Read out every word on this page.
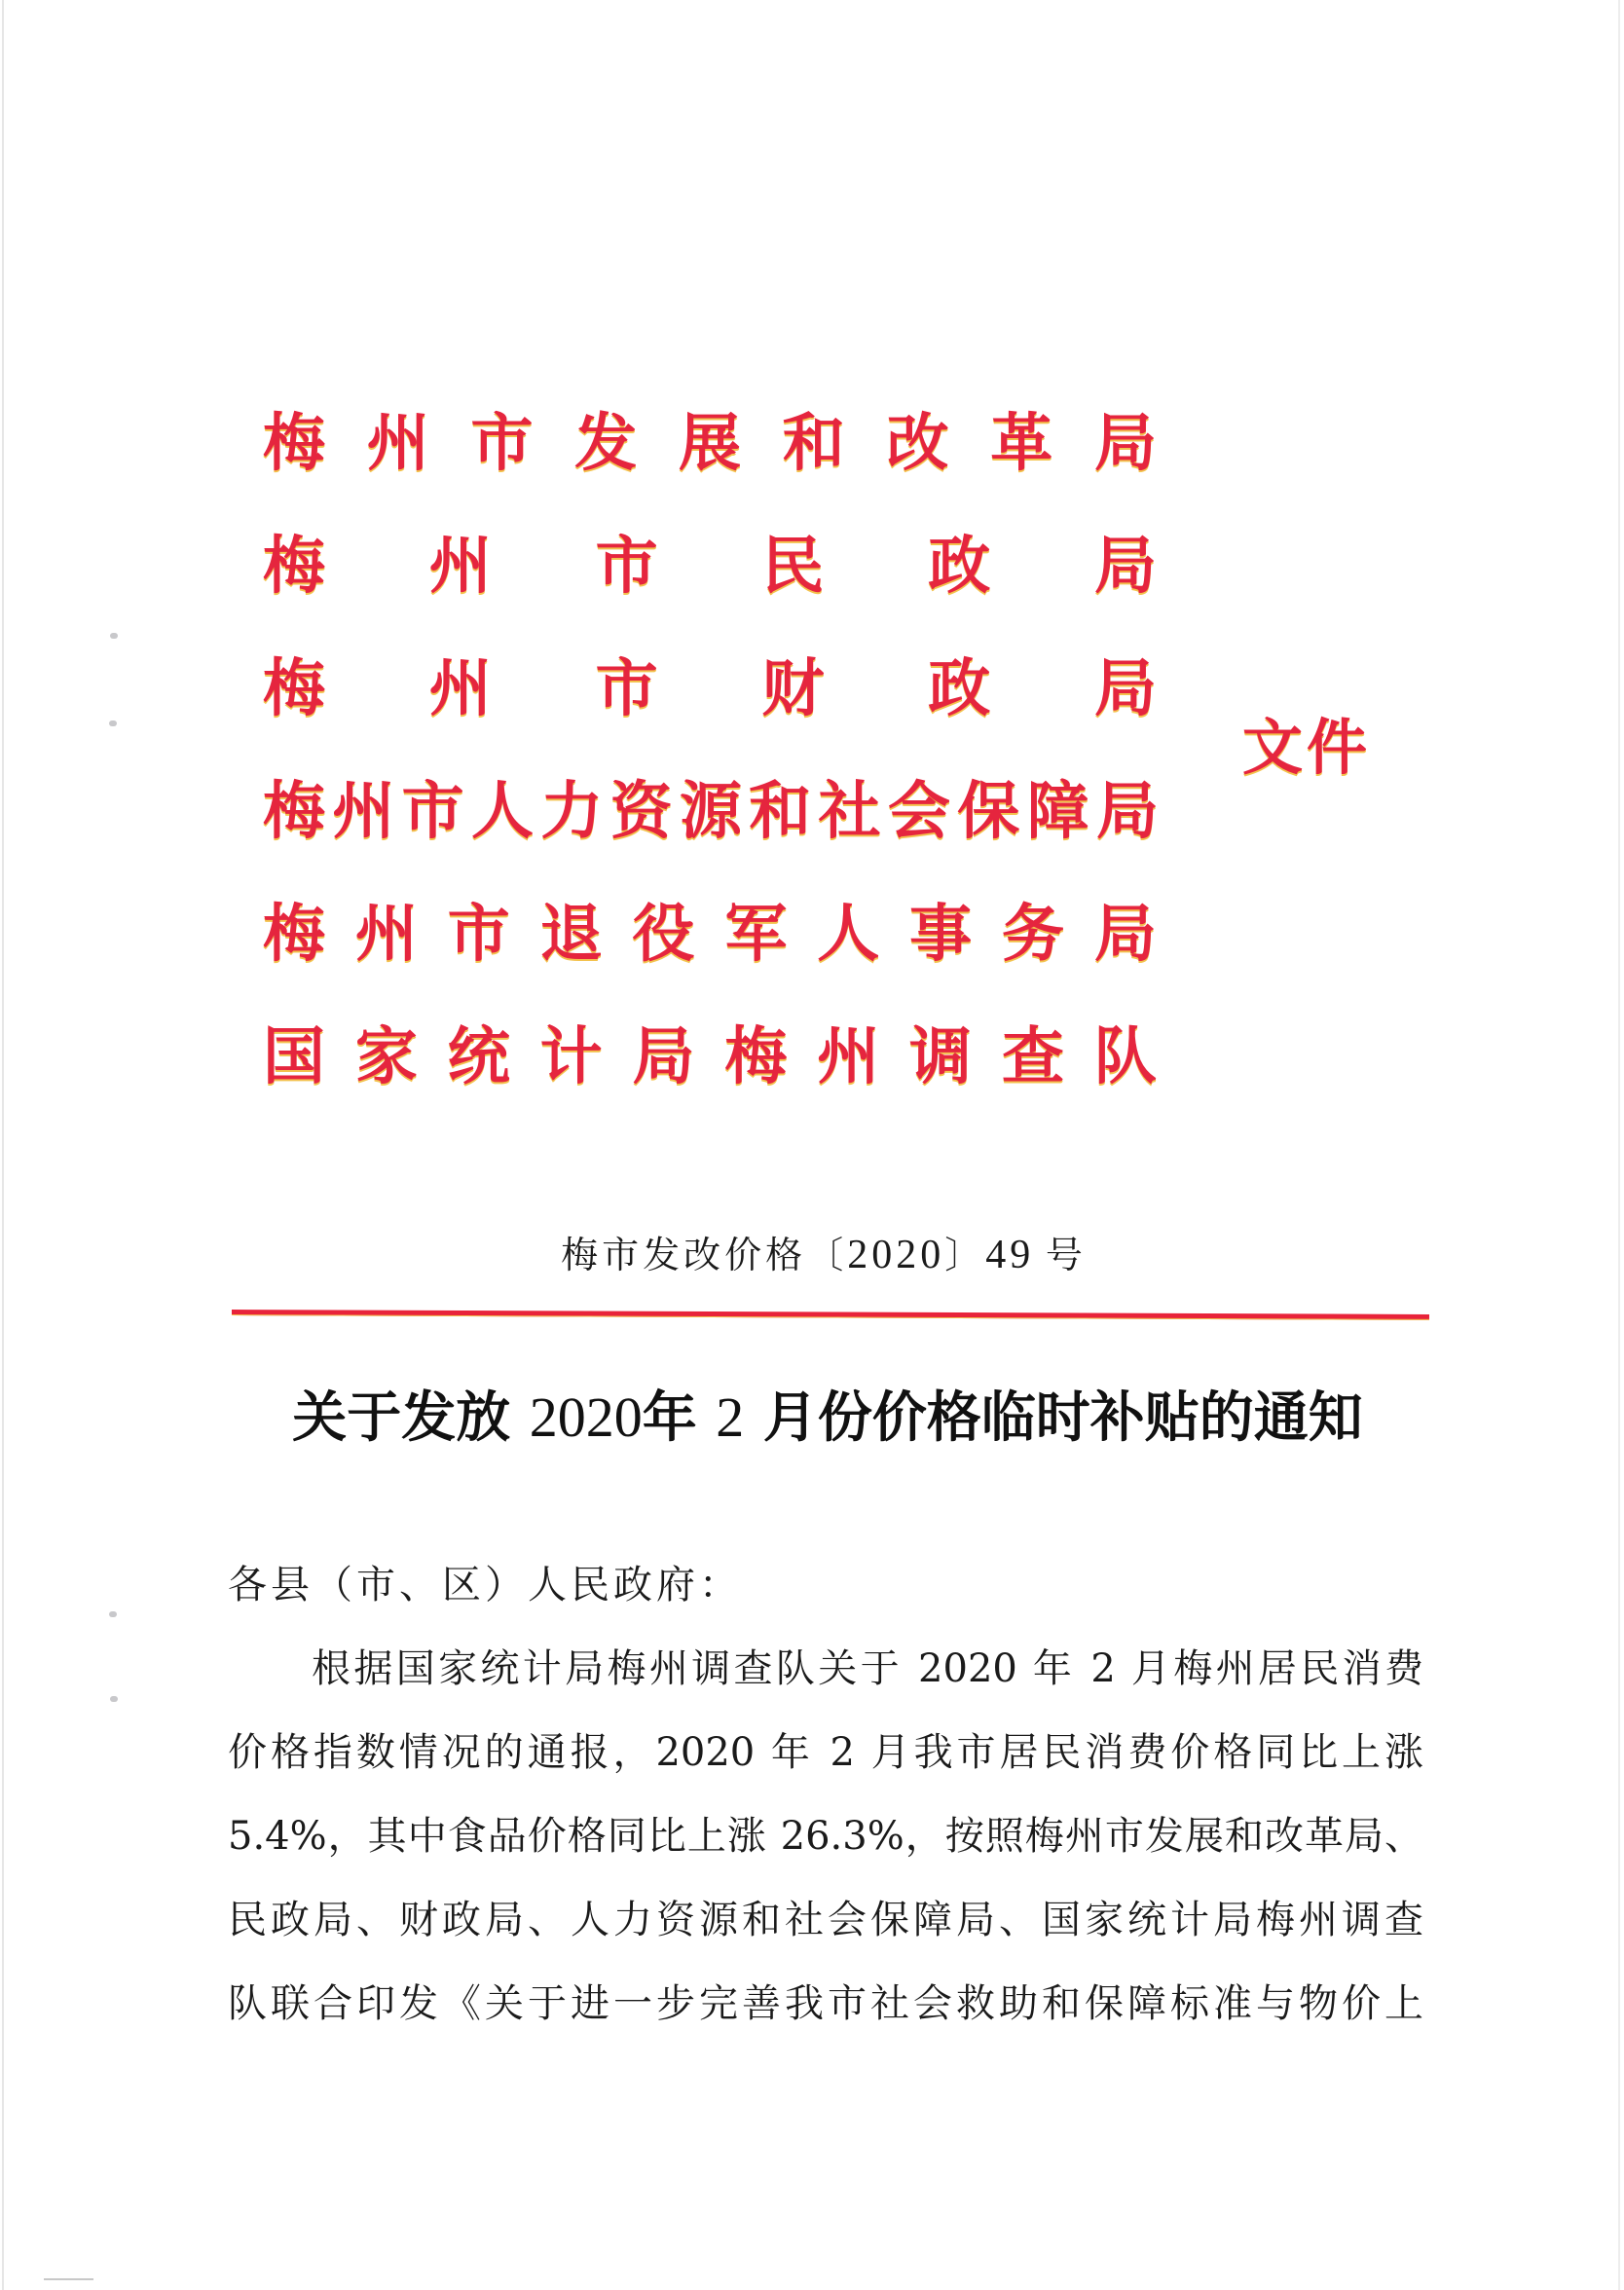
梅 州 市 发 展 和 改 革 局
梅 州 市 民 政 局
梅 州 市 财 政 局
梅 州 市 人 力 资 源 和 社 会 保 障 局
梅 州 市 退 役 军 人 事 务 局
国 家 统 计 局 梅 州 调 查 队
文件
梅市发改价格〔2020〕49  号
关于发放 2020年 2 月份价格临时补贴的通知
各县（市、区）人民政府：
根据国家统计局梅州调查队关于 2020 年 2 月梅州居民消费
价格指数情况的通报，2020 年 2 月我市居民消费价格同比上涨
5.4%，其中食品价格同比上涨 26.3%，按照梅州市发展和改革局、
民政局、财政局、人力资源和社会保障局、国家统计局梅州调查
队联合印发《关于进一步完善我市社会救助和保障标准与物价上
